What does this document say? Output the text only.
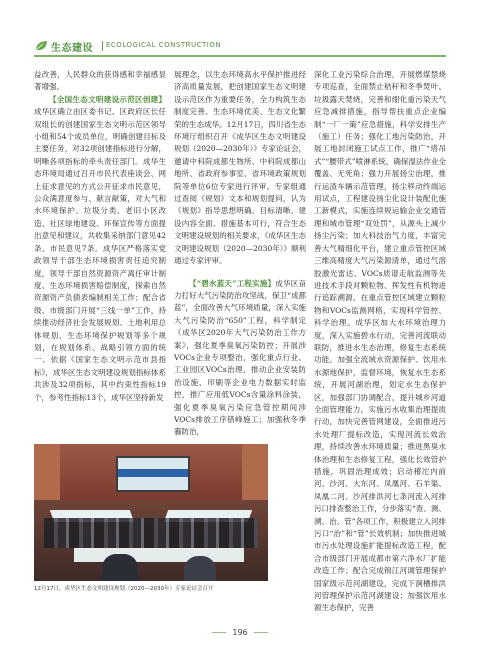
生态建设 ECOLOGICAL CONSTRUCTION

益改善，人民群众的获得感和幸福感显著增强。

【全国生态文明建设示范区创建】成华区确立由区委书记、区政府区长任双组长的创建国家生态文明示范区领导小组和54个成员单位，明确创建目标及主要任务，对32项创建指标进行分解，明晰各项指标的牵头责任部门。成华生态环境局通过召开市民代表座谈会、网上征求意见的方式公开征求市民意见，公众满意度参与、献言献策，对大气和水环境保护、垃圾分类、老旧小区改造、社区绿地建设、环保宣传等方面提出意见和建议，共收集采纳部门意见42条、市民意见7条。成华区严格落实党政领导干部生态环境损害责任追究制度，领导干部自然资源资产离任审计制度、生态环境损害赔偿制度，探索自然资源资产负债表编制相关工作；配合省级、市级部门开展“三线一单”工作，持续推动经济社会发展规划、土地利用总体规划、生态环境保护规划等多个规划，在规划体系、战略引领方面的统一。依据《国家生态文明示范市县指标》，成华区生态文明建设规划指标体系共涉及32项指标，其中约束性指标19个，参考性指标13个，成华区坚持新发

展理念，以生态环境高水平保护推进经济高质量发展，把创建国家生态文明建设示范区作为重要任务，全力构筑生态制度完善、生态环境优美、生态文化繁荣的生态成华。12月17日，四川省生态环境厅组织召开《成华区生态文明建设规划（2020—2030年）》专家论证会，邀请中科院成都生物所、中科院成都山地所、省政府参事室、省环境政策规划院等单位6位专家进行评审。专家组通过查阅《规划》文本和规划提问，认为《规划》指导思想明确、目标清晰、建设内容全面、措施基本可行，符合生态文明建设规划的相关要求，《成华区生态文明建设规划（2020—2030年）》顺利通过专家评审。

【“碧水蓝天”工程实施】成华区奋力打好大气污染防治攻坚战，保卫“成都蓝”，全面改善大气环境质量，深入实施大气污染防治“650”工程，科学制定《成华区2020年大气污染防治工作方案》，强化夏季臭氧污染防控；开展涉VOCs企业专项整治，强化重点行业、工业园区VOCs治理，推动企业安装防治设施、印刷等企业电力数据实时监控，推广应用低VOCs含量涂料涂装，强化夏季臭氧污染应急管控期间涉VOCs排放工序错峰施工；加强秋冬季霾防治，

深化工业污染综合治理，开展燃煤禁烧专项巡查，全面禁止秸秆和冬季焚叶、垃圾露天焚烧，完善和细化重污染天气应急减排措施，指导帮扶重点企业编制“一厂一策”应急措施，科学安排生产（施工）任务；强化工地污染防治，开展工地封闭施工试点工作，推广“塔吊式”“腰带式”喷淋系统，确保湿法作业全覆盖、无死角；强力开展扬尘治理，推行运渣车辆示范管理，扬尘移动终端运用试点，工程建设扬尘化设计装配化施工新模式，实施连续规运输企业交通管理和城市管理“双处罚”，从源头上减少扬尘污染；加大科技治气力度，丰富完善大气精细化平台，建立重点管控区域三维高精度大气污染源清单，通过气溶胶激光雷达、VOCs质谱走航监测等先进技术手段对颗粒物、挥发性有机物进行追踪溯源，在重点管控区域建立颗粒物和VOCs监测网格，实现科学管控、科学治理。成华区加大水环境治理力度，深入实施碧水行动，完善河流联动联防，推进水生态治理，修复生态系统功能。加强全流域水资源保护、饮用水水源地保护，监督环境，恢复水生态系统，开展河湖治理，划定水生态保护区，加强部门协调配合，提升城乡河道全面管理能力，实施污水收集治理提质行动，加快完善管网建设，全面推进污水处理厂提标改造，实现河流长效治理，持续改善水环境质量；推进黑臭水体治理和生态修复工程，强化长效管护措施，巩固治理成效；启动稽沱内前河、沙河、大东河、凤凰河、石羊渠、凤凰二河、沙河排洪河七条河流入河排污口排查整治工作，分步落实“查、测、溯、治、管”各项工作，积极建立入河排污口“治”和“管”长效机制；加快推进城市污水处理设施扩能提标改造工程，配合市级部门开展成都市第六净水厂扩能改造工作；配合完成锦江河调管理保护国家级示范河湖建设，完成下涧槽排洪河管理保护示范河湖建设；加强饮用水源生态保护，完善

12月17日，成华区生态文明建设规划（2020—2030年）专家论证会召开
196
